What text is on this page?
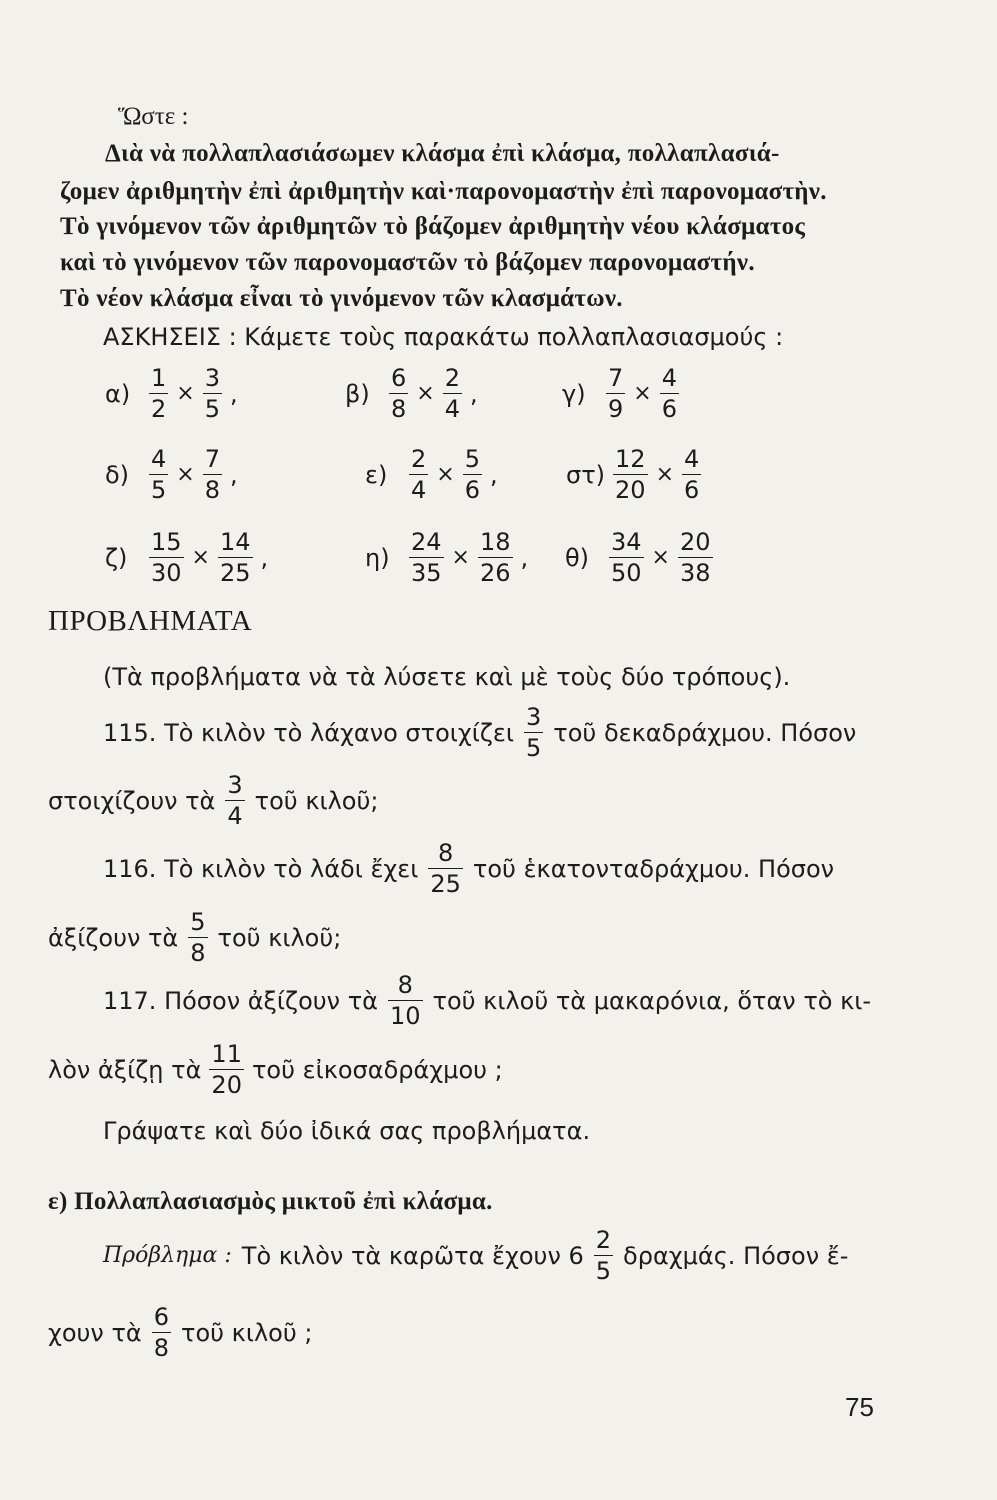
Ὥστε :
Διὰ νὰ πολλαπλασιάσωμεν κλάσμα ἐπὶ κλάσμα, πολλαπλασιά-
ζομεν ἀριθμητὴν ἐπὶ ἀριθμητὴν καὶ·παρονομαστὴν ἐπὶ παρονομαστὴν.
Τὸ γινόμενον τῶν ἀριθμητῶν τὸ βάζομεν ἀριθμητὴν νέου κλάσματος
καὶ τὸ γινόμενον τῶν παρονομαστῶν τὸ βάζομεν παρονομαστήν.
Τὸ νέον κλάσμα εἶναι τὸ γινόμενον τῶν κλασμάτων.
ΑΣΚΗΣΕΙΣ : Κάμετε τοὺς παρακάτω πολλαπλασιασμούς :
$\alpha) \frac{1}{2} \times \frac{3}{5}$ ,	$\beta) \frac{6}{8} \times \frac{2}{4}$ ,	$\gamma) \frac{7}{9} \times \frac{4}{6}$
$\delta) \frac{4}{5} \times \frac{7}{8}$ ,	$\varepsilon) \frac{2}{4} \times \frac{5}{6}$ ,	$\sigma\tau) \frac{12}{20} \times \frac{4}{6}$
$\zeta) \frac{15}{30} \times \frac{14}{25}$ ,	$\eta) \frac{24}{35} \times \frac{18}{26}$ , $\theta) \frac{34}{50} \times \frac{20}{38}$
ΠΡΟΒΛΗΜΑΤΑ
(Τὰ προβλήματα νὰ τὰ λύσετε καὶ μὲ τοὺς δύο τρόπους).
115. Τὸ κιλὸν τὸ λάχανο στοιχίζει $\frac{3}{5}$ τοῦ δεκαδράχμου. Πόσον
στοιχίζουν τὰ $\frac{3}{4}$ τοῦ κιλοῦ;
116. Τὸ κιλὸν τὸ λάδι ἔχει $\frac{8}{25}$ τοῦ ἑκατονταδράχμου. Πόσον
ἀξίζουν τὰ $\frac{5}{8}$ τοῦ κιλοῦ;
117. Πόσον ἀξίζουν τὰ $\frac{8}{10}$ τοῦ κιλοῦ τὰ μακαρόνια, ὅταν τὸ κι-
λὸν ἀξίζῃ τὰ $\frac{11}{20}$ τοῦ εἰκοσαδράχμου ;
Γράψατε καὶ δύο ἰδικά σας προβλήματα.
ε) Πολλαπλασιασμὸς μικτοῦ ἐπὶ κλάσμα.
Πρόβλημα : Τὸ κιλὸν τὰ καρῶτα ἔχουν $6 \frac{2}{5} \delta\rho\alpha\chi\mu ά\varsigma$. Πόσον ἔ-
χουν τὰ $\frac{6}{8}$ τοῦ κιλοῦ ;
75
